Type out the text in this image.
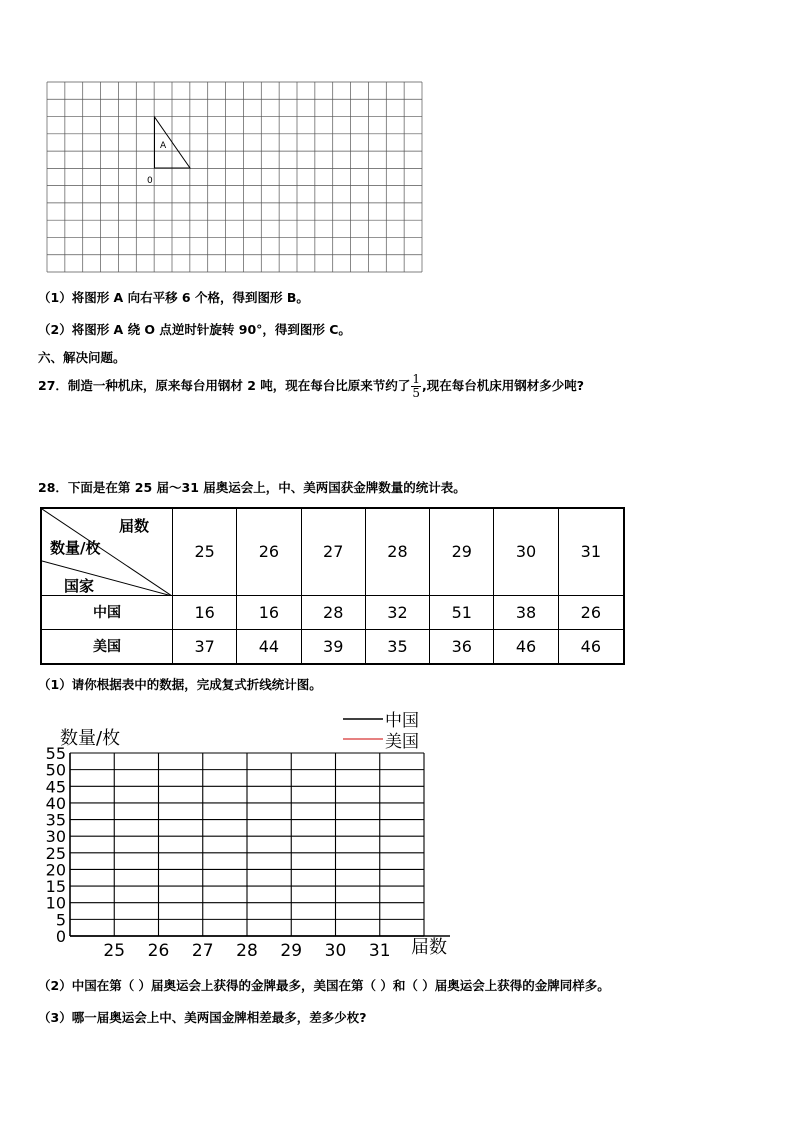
A
0
（1）将图形 A 向右平移 6 个格，得到图形 B。
（2）将图形 A 绕 O 点逆时针旋转 90°，得到图形 C。
六、解决问题。
27．制造一种机床，原来每台用钢材 2 吨，现在每台比原来节约了 $\frac{1}{5}$ ,现在每台机床用钢材多少吨?
28．下面是在第 25 届～31 届奥运会上，中、美两国获金牌数量的统计表。
届数
数量/枚
国家	25	26	27	28	29	30	31
中国	16	16	28	32	51	38	26
美国	37	44	39	35	36	46	46
（1）请你根据表中的数据，完成复式折线统计图。
0
5
10
15
20
25
30
35
40
45
50
55
25 26 27 28 29 30 31
数量/枚
届数
中国
美国
（2）中国在第（ ）届奥运会上获得的金牌最多，美国在第（ ）和（ ）届奥运会上获得的金牌同样多。
（3）哪一届奥运会上中、美两国金牌相差最多，差多少枚?
